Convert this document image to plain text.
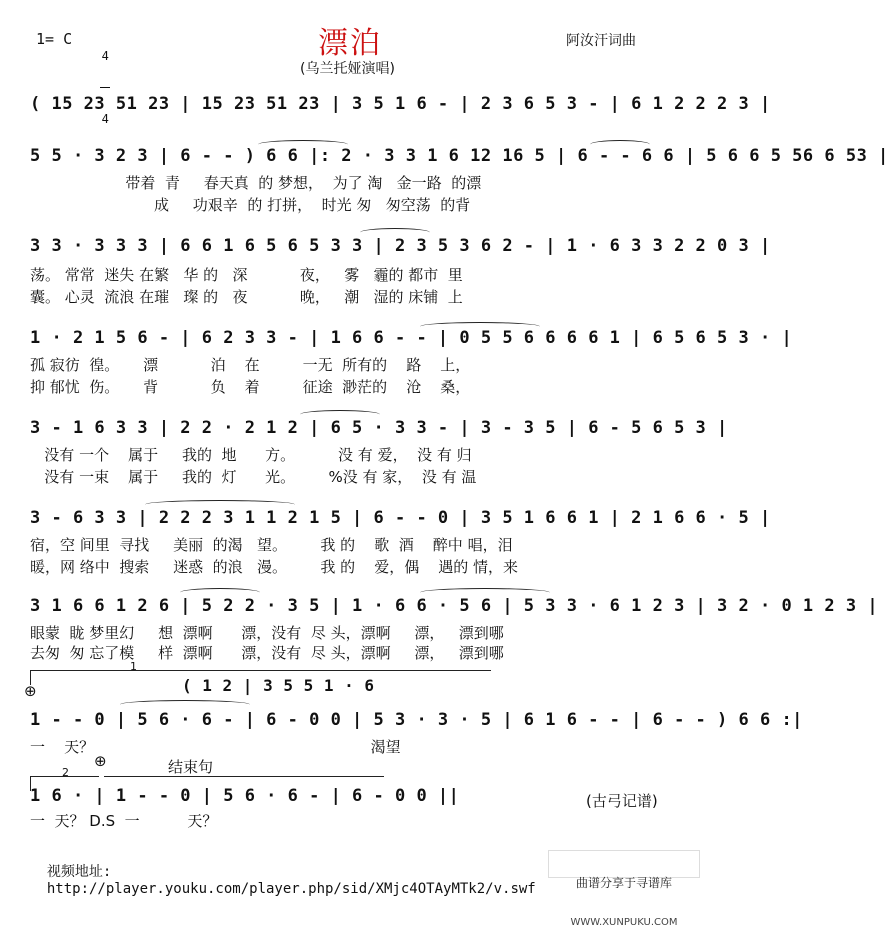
1= C

4

4

漂泊	阿汝汗词曲
(乌兰托娅演唱)
( 15 23 51 23 | 15 23 51 23 | 3 5 1 6 - | 2 3 6 5 3 - | 6 1 2 2 2 3 |
5 5 · 3 2 3 | 6 - - ) 6 6 |: 2 · 3 3 1 6 12 16 5 | 6 - - 6 6 | 5 6 6 5 56 6 53 |
带着  青     春天真  的 梦想，  为了 淘   金一路  的漂
成     功艰辛  的 打拼，  时光 匆   匆空荡  的背
3 3 · 3 3 3 | 6 6 1 6 5 6 5 3 3 | 2 3 5 3 6 2 - | 1 · 6 3 3 2 2 0 3 |
荡。 常常  迷失 在繁   华 的   深           夜，   雾   霾的 都市  里
囊。 心灵  流浪 在璀   璨 的   夜           晚，   潮   湿的 床铺  上
1 · 2 1 5 6 - | 6 2 3 3 - | 1 6 6 - - | 0 5 5 6 6 6 6 1 | 6 5 6 5 3 · |
孤 寂彷  徨。     漂           泊    在         一无  所有的    路    上，
抑 郁忧  伤。     背           负    着         征途  渺茫的    沧    桑，
3 - 1 6 3 3 | 2 2 · 2 1 2 | 6 5 · 3 3 - | 3 - 3 5 | 6 - 5 6 5 3 |
没有 一个    属于     我的  地      方。         没 有 爱，  没 有 归
没有 一束    属于     我的  灯      光。       %没 有 家，  没 有 温
3 - 6 3 3 | 2 2 2 3 1 1 2 1 5 | 6 - - 0 | 3 5 1 6 6 1 | 2 1 6 6 · 5 |
宿，空 间里  寻找     美丽  的渴   望。       我 的    歌  酒    醉中 唱，泪
暖，网 络中  搜索     迷惑  的浪   漫。       我 的    爱，偶    遇的 情，来
3 1 6 6 1 2 6 | 5 2 2 · 3 5 | 1 · 6 6 · 5 6 | 5 3 3 · 6 1 2 3 | 3 2 · 0 1 2 3 |
眼蒙  眬 梦里幻     想  漂啊      漂，没有  尽 头，漂啊     漂，   漂到哪
去匆  匆 忘了模     样  漂啊      漂，没有  尽 头，漂啊     漂，   漂到哪
1
⊕	( 1 2 | 3 5 5 1 · 6
1 - - 0 | 5 6 · 6 - | 6 - 0 0 | 5 3 · 3 · 5 | 6 1 6 - - | 6 - - ) 6 6 :|
一    天？                                                          渴望
2
⊕	结束句
1 6 · | 1 - - 0 | 5 6 · 6 - | 6 - 0 0 ||
一  天？ D.S  一          天？
(古弓记谱)

视频地址:
http://player.youku.com/player.php/sid/XMjc4OTAyMTk2/v.swf

	曲谱分享于寻谱库

WWW.XUNPUKU.COM
